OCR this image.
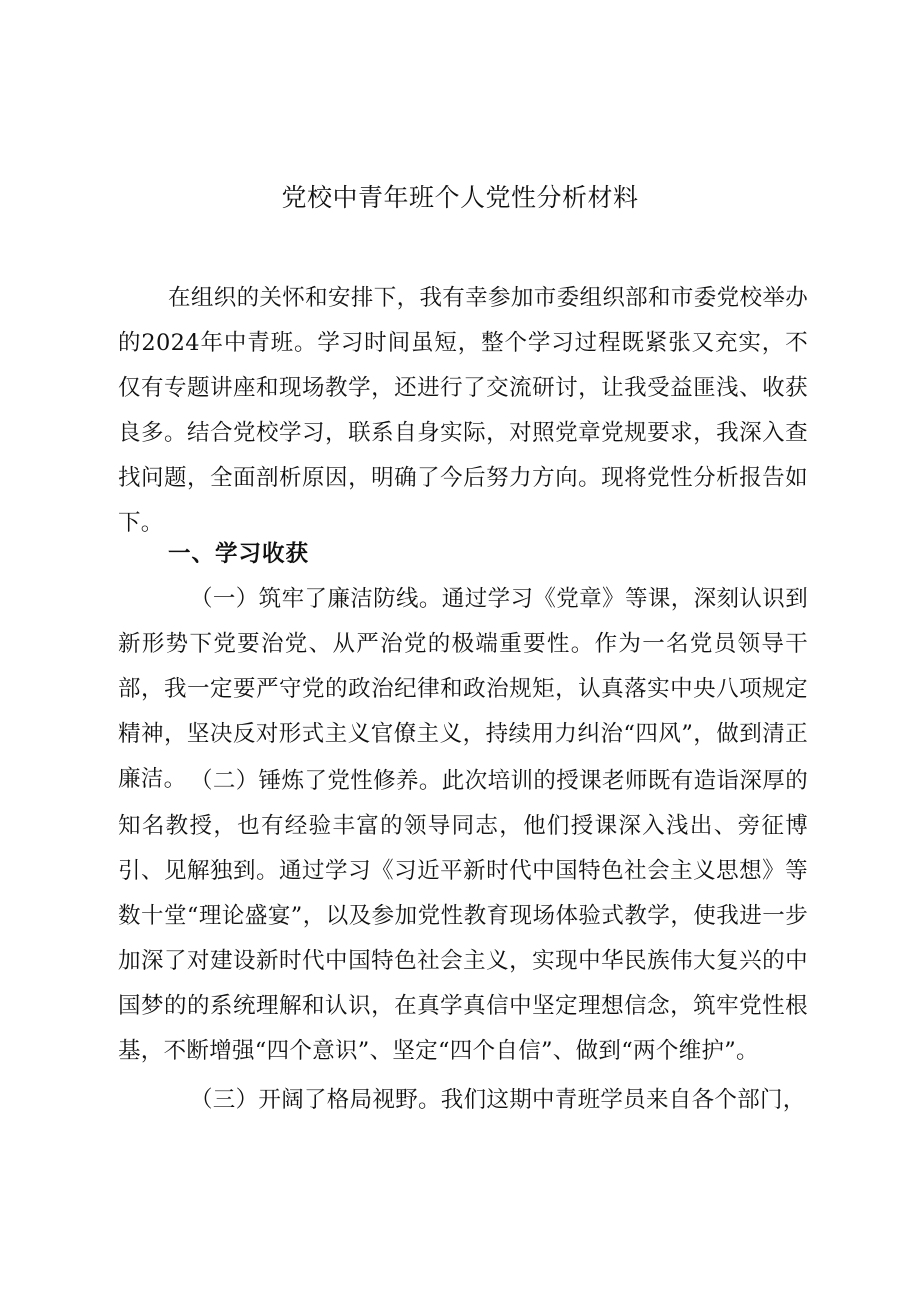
党校中青年班个人党性分析材料

在组织的关怀和安排下，我有幸参加市委组织部和市委党校举办的2024年中青班。学习时间虽短，整个学习过程既紧张又充实，不仅有专题讲座和现场教学，还进行了交流研讨，让我受益匪浅、收获良多。结合党校学习，联系自身实际，对照党章党规要求，我深入查找问题，全面剖析原因，明确了今后努力方向。现将党性分析报告如下。

一、学习收获

（一）筑牢了廉洁防线。通过学习《党章》等课，深刻认识到新形势下党要治党、从严治党的极端重要性。作为一名党员领导干部，我一定要严守党的政治纪律和政治规矩，认真落实中央八项规定精神，坚决反对形式主义官僚主义，持续用力纠治“四风”，做到清正廉洁。 （二）锤炼了党性修养。此次培训的授课老师既有造诣深厚的知名教授，也有经验丰富的领导同志，他们授课深入浅出、旁征博引、见解独到。通过学习《习近平新时代中国特色社会主义思想》等数十堂“理论盛宴”，以及参加党性教育现场体验式教学，使我进一步加深了对建设新时代中国特色社会主义，实现中华民族伟大复兴的中国梦的的系统理解和认识，在真学真信中坚定理想信念，筑牢党性根基，不断增强“四个意识”、坚定“四个自信”、做到“两个维护”。

（三）开阔了格局视野。我们这期中青班学员来自各个部门，
